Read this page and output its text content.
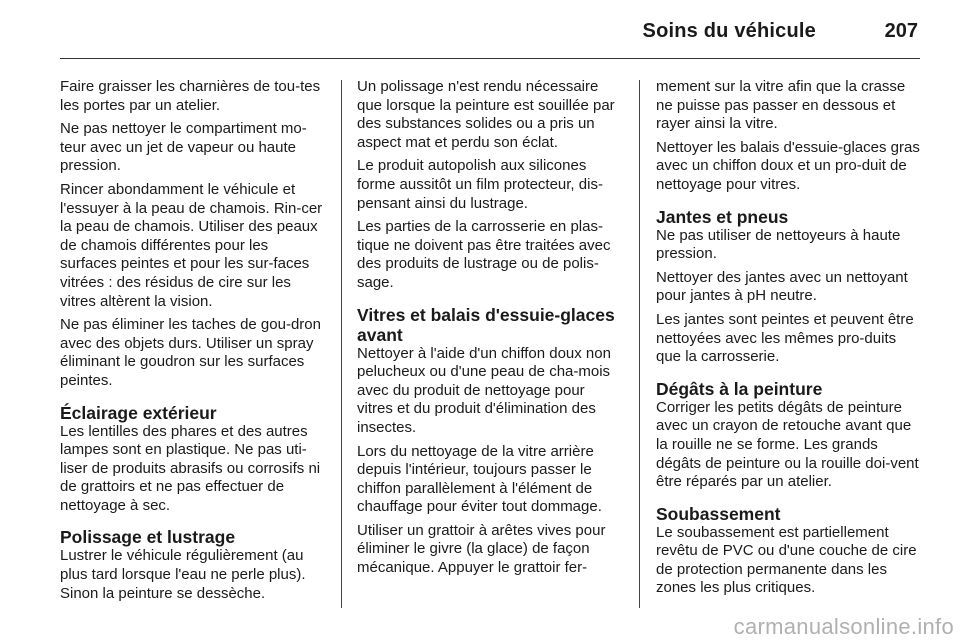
Soins du véhicule	207

Faire graisser les charnières de tou-tes les portes par un atelier.

Ne pas nettoyer le compartiment mo-teur avec un jet de vapeur ou haute pression.

Rincer abondamment le véhicule et l'essuyer à la peau de chamois. Rin-cer la peau de chamois. Utiliser des peaux de chamois différentes pour les surfaces peintes et pour les sur-faces vitrées : des résidus de cire sur les vitres altèrent la vision.

Ne pas éliminer les taches de gou-dron avec des objets durs. Utiliser un spray éliminant le goudron sur les surfaces peintes.

Éclairage extérieur

Les lentilles des phares et des autres lampes sont en plastique. Ne pas uti-liser de produits abrasifs ou corrosifs ni de grattoirs et ne pas effectuer de nettoyage à sec.

Polissage et lustrage

Lustrer le véhicule régulièrement (au plus tard lorsque l'eau ne perle plus). Sinon la peinture se dessèche.

Un polissage n'est rendu nécessaire que lorsque la peinture est souillée par des substances solides ou a pris un aspect mat et perdu son éclat.

Le produit autopolish aux silicones forme aussitôt un film protecteur, dis-pensant ainsi du lustrage.

Les parties de la carrosserie en plas-tique ne doivent pas être traitées avec des produits de lustrage ou de polis-sage.

Vitres et balais d'essuie-glaces avant

Nettoyer à l'aide d'un chiffon doux non pelucheux ou d'une peau de cha-mois avec du produit de nettoyage pour vitres et du produit d'élimination des insectes.

Lors du nettoyage de la vitre arrière depuis l'intérieur, toujours passer le chiffon parallèlement à l'élément de chauffage pour éviter tout dommage.

Utiliser un grattoir à arêtes vives pour éliminer le givre (la glace) de façon mécanique. Appuyer le grattoir fer-

mement sur la vitre afin que la crasse ne puisse pas passer en dessous et rayer ainsi la vitre.

Nettoyer les balais d'essuie-glaces gras avec un chiffon doux et un pro-duit de nettoyage pour vitres.

Jantes et pneus

Ne pas utiliser de nettoyeurs à haute pression.

Nettoyer des jantes avec un nettoyant pour jantes à pH neutre.

Les jantes sont peintes et peuvent être nettoyées avec les mêmes pro-duits que la carrosserie.

Dégâts à la peinture

Corriger les petits dégâts de peinture avec un crayon de retouche avant que la rouille ne se forme. Les grands dégâts de peinture ou la rouille doi-vent être réparés par un atelier.

Soubassement

Le soubassement est partiellement revêtu de PVC ou d'une couche de cire de protection permanente dans les zones les plus critiques.

carmanualsonline.info
